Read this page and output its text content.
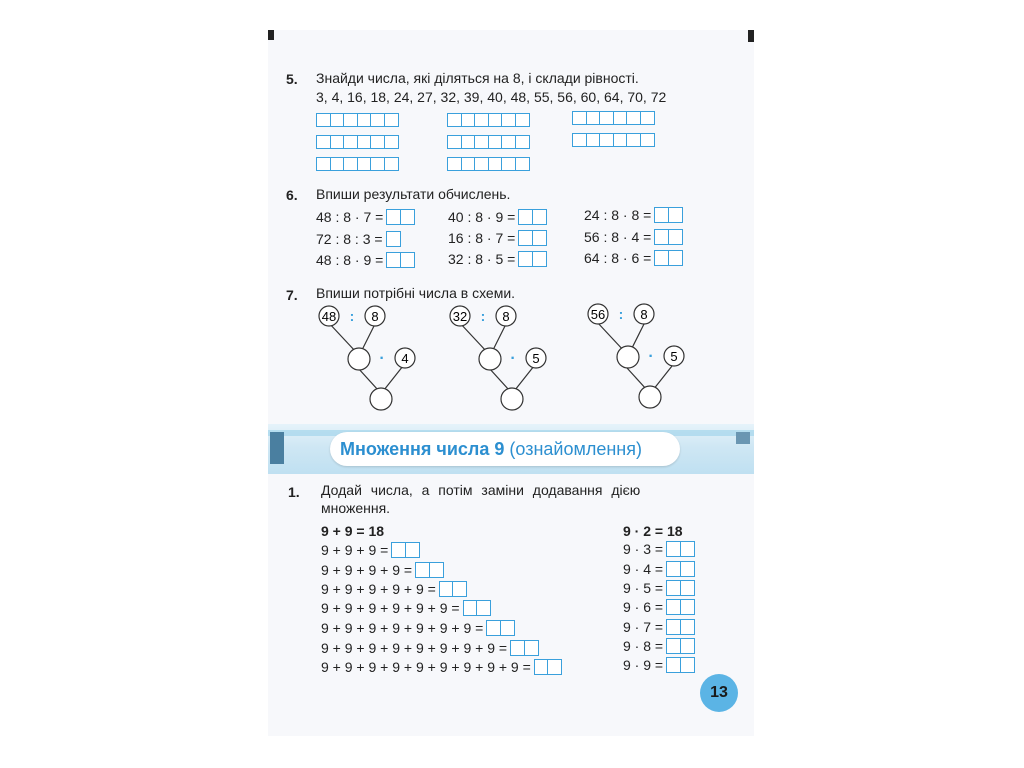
5. Знайди числа, які діляться на 8, і склади рівності.
3, 4, 16, 18, 24, 27, 32, 39, 40, 48, 55, 56, 60, 64, 70, 72
6. Впиши результати обчислень.
48 : 8 · 7 =
72 : 8 : 3 =
48 : 8 · 9 =
40 : 8 · 9 =
16 : 8 · 7 =
32 : 8 · 5 =
24 : 8 · 8 =
56 : 8 · 4 =
64 : 8 · 6 =
7. Впиши потрібні числа в схеми.
48 : 8
· 4
32 : 8
· 5
56 : 8
· 5
Множення числа 9 (ознайомлення)
1. Додай числа, а потім заміни додавання дією
множення.
9 + 9 = 18
9 + 9 + 9 =
9 + 9 + 9 + 9 =
9 + 9 + 9 + 9 + 9 =
9 + 9 + 9 + 9 + 9 + 9 =
9 + 9 + 9 + 9 + 9 + 9 + 9 =
9 + 9 + 9 + 9 + 9 + 9 + 9 + 9 =
9 + 9 + 9 + 9 + 9 + 9 + 9 + 9 + 9 =
9 · 2 = 18
9 · 3 =
9 · 4 =
9 · 5 =
9 · 6 =
9 · 7 =
9 · 8 =
9 · 9 =
13
